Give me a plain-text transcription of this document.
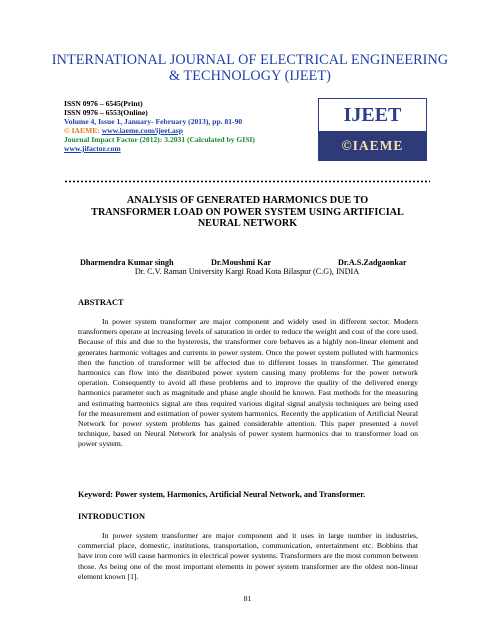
INTERNATIONAL JOURNAL OF ELECTRICAL ENGINEERING
& TECHNOLOGY (IJEET)
ISSN 0976 – 6545(Print)
ISSN 0976 – 6553(Online)
Volume 4, Issue 1, January- February (2013), pp. 81-90
© IAEME: www.iaeme.com/ijeet.asp
Journal Impact Factor (2012): 3.2031 (Calculated by GISI)
www.jifactor.com
IJEET
©IAEME
ANALYSIS OF GENERATED HARMONICS DUE TO
TRANSFORMER LOAD ON POWER SYSTEM USING ARTIFICIAL
NEURAL NETWORK
Dharmendra Kumar singh	Dr.Moushmi Kar	Dr.A.S.Zadgaonkar
Dr. C.V. Raman University Kargi Road Kota Bilaspur (C.G), INDIA
ABSTRACT
In power system transformer are major component and widely used in different sector. Modern transformers operate at increasing levels of saturation in order to reduce the weight and cost of the core used. Because of this and due to the hysteresis, the transformer core behaves as a highly non-linear element and generates harmonic voltages and currents in power system. Once the power system polluted with harmonics then the function of transformer will be affected due to different losses in transformer. The generated harmonics can flow into the distributed power system causing many problems for the power network operation. Consequently to avoid all these problems and to improve the quality of the delivered energy harmonics parameter such as magnitude and phase angle should be known. Fast methods for the measuring and estimating harmonics signal are thus required various digital signal analysis techniques are being used for the measurement and estimation of power system harmonics. Recently the application of Artificial Neural Network for power system problems has gained considerable attention. This paper presented a novel technique, based on Neural Network for analysis of power system harmonics due to transformer load on power system.
Keyword: Power system, Harmonics, Artificial Neural Network, and Transformer.
INTRODUCTION
In power system transformer are major component and it uses in large number in industries, commercial place, domestic, institutions, transportation, communication, entertainment etc. Bobbins that have iron core will cause harmonics in electrical power systems. Transformers are the most common between those. As being one of the most important elements in power system transformer are the oldest non-linear element known [1].
81
